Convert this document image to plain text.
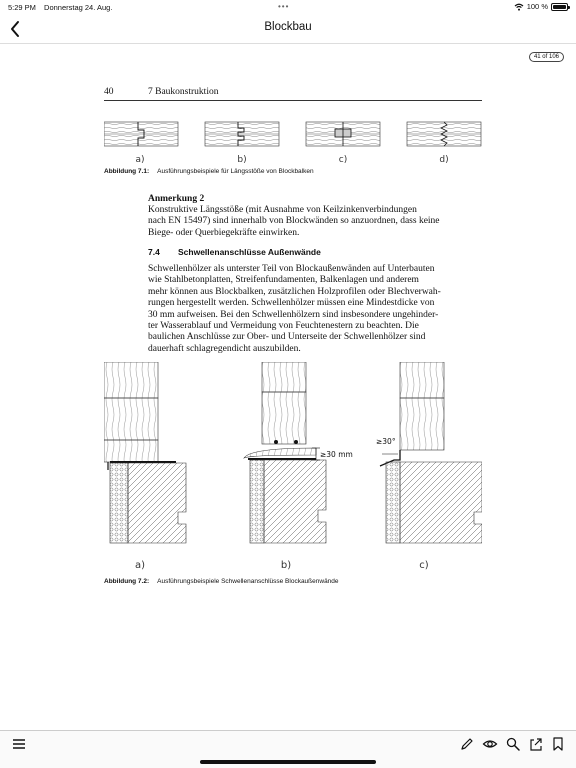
5:29 PM Donnerstag 24. Aug.	•••	100 %
Blockbau
40	7 Baukonstruktion
a)	b)	c)	d)
Abbildung 7.1: Ausführungsbeispiele für Längsstöße von Blockbalken
Anmerkung 2
Konstruktive Längsstöße (mit Ausnahme von Keilzinkenverbindungen
nach EN 15497) sind innerhalb von Blockwänden so anzuordnen, dass keine
Biege- oder Querbiegekräfte einwirken.
7.4 Schwellenanschlüsse Außenwände
Schwellenhölzer als unterster Teil von Blockaußenwänden auf Unterbauten
wie Stahlbetonplatten, Streifenfundamenten, Balkenlagen und anderem
mehr können aus Blockbalken, zusätzlichen Holzprofilen oder Blechverwah-
rungen hergestellt werden. Schwellenhölzer müssen eine Mindestdicke von
30 mm aufweisen. Bei den Schwellenhölzern sind insbesondere ungehinder-
ter Wasserablauf und Vermeidung von Feuchtenestern zu beachten. Die
baulichen Anschlüsse zur Ober- und Unterseite der Schwellenhölzer sind
dauerhaft schlagregendicht auszubilden.
≥30 mm
≥30°
a)	b)	c)
Abbildung 7.2: Ausführungsbeispiele Schwellenanschlüsse Blockaußenwände
41 of 106
